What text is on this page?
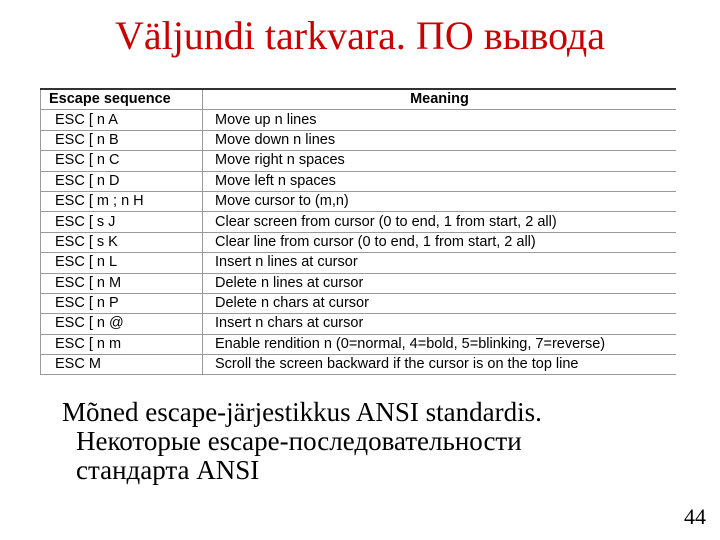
Väljundi tarkvara. ПО вывода
Escape sequence	Meaning
ESC [ n A	Move up n lines
ESC [ n B	Move down n lines
ESC [ n C	Move right n spaces
ESC [ n D	Move left n spaces
ESC [ m ; n H	Move cursor to (m,n)
ESC [ s J	Clear screen from cursor (0 to end, 1 from start, 2 all)
ESC [ s K	Clear line from cursor (0 to end, 1 from start, 2 all)
ESC [ n L	Insert n lines at cursor
ESC [ n M	Delete n lines at cursor
ESC [ n P	Delete n chars at cursor
ESC [ n @	Insert n chars at cursor
ESC [ n m	Enable rendition n (0=normal, 4=bold, 5=blinking, 7=reverse)
ESC M	Scroll the screen backward if the cursor is on the top line
Mõned escape-järjestikkus ANSI standardis.
Некоторые escape-последовательности
стандарта ANSI
44
